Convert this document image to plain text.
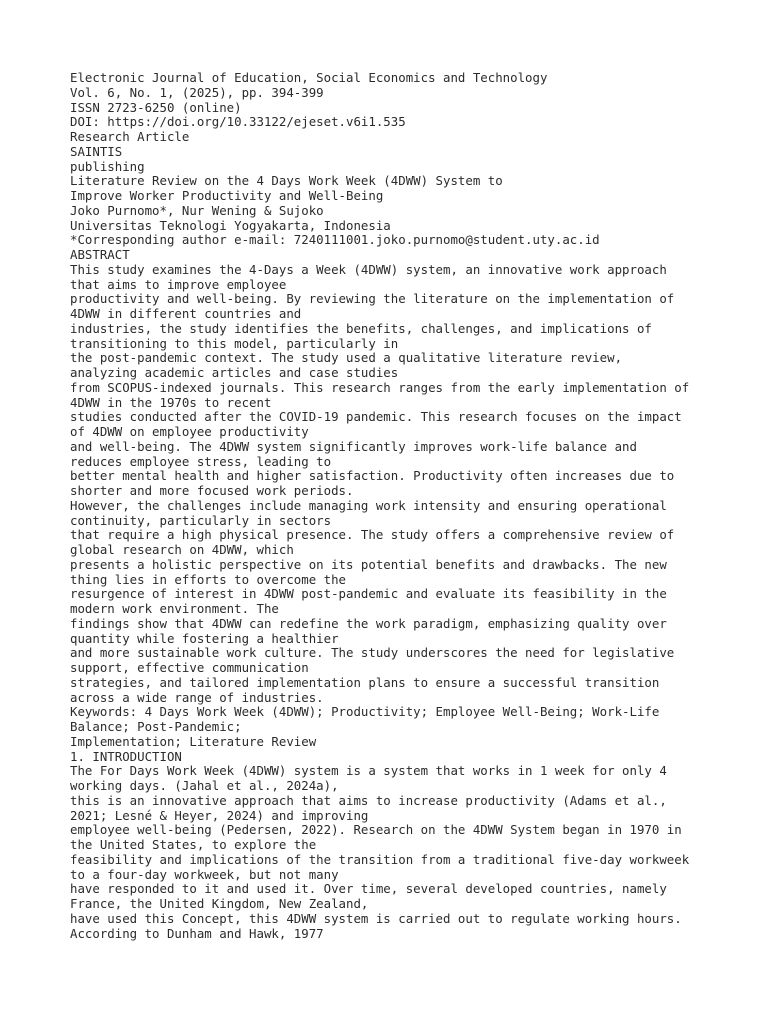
Electronic Journal of Education, Social Economics and Technology
Vol. 6, No. 1, (2025), pp. 394-399
ISSN 2723-6250 (online)
DOI: https://doi.org/10.33122/ejeset.v6i1.535
Research Article
SAINTIS
publishing
Literature Review on the 4 Days Work Week (4DWW) System to
Improve Worker Productivity and Well-Being
Joko Purnomo*, Nur Wening & Sujoko
Universitas Teknologi Yogyakarta, Indonesia
*Corresponding author e-mail: 7240111001.joko.purnomo@student.uty.ac.id
ABSTRACT
This study examines the 4-Days a Week (4DWW) system, an innovative work approach
that aims to improve employee
productivity and well-being. By reviewing the literature on the implementation of
4DWW in different countries and
industries, the study identifies the benefits, challenges, and implications of
transitioning to this model, particularly in
the post-pandemic context. The study used a qualitative literature review,
analyzing academic articles and case studies
from SCOPUS-indexed journals. This research ranges from the early implementation of
4DWW in the 1970s to recent
studies conducted after the COVID-19 pandemic. This research focuses on the impact
of 4DWW on employee productivity
and well-being. The 4DWW system significantly improves work-life balance and
reduces employee stress, leading to
better mental health and higher satisfaction. Productivity often increases due to
shorter and more focused work periods.
However, the challenges include managing work intensity and ensuring operational
continuity, particularly in sectors
that require a high physical presence. The study offers a comprehensive review of
global research on 4DWW, which
presents a holistic perspective on its potential benefits and drawbacks. The new
thing lies in efforts to overcome the
resurgence of interest in 4DWW post-pandemic and evaluate its feasibility in the
modern work environment. The
findings show that 4DWW can redefine the work paradigm, emphasizing quality over
quantity while fostering a healthier
and more sustainable work culture. The study underscores the need for legislative
support, effective communication
strategies, and tailored implementation plans to ensure a successful transition
across a wide range of industries.
Keywords: 4 Days Work Week (4DWW); Productivity; Employee Well-Being; Work-Life
Balance; Post-Pandemic;
Implementation; Literature Review
1. INTRODUCTION
The For Days Work Week (4DWW) system is a system that works in 1 week for only 4
working days. (Jahal et al., 2024a),
this is an innovative approach that aims to increase productivity (Adams et al.,
2021; Lesné & Heyer, 2024) and improving
employee well-being (Pedersen, 2022). Research on the 4DWW System began in 1970 in
the United States, to explore the
feasibility and implications of the transition from a traditional five-day workweek
to a four-day workweek, but not many
have responded to it and used it. Over time, several developed countries, namely
France, the United Kingdom, New Zealand,
have used this Concept, this 4DWW system is carried out to regulate working hours.
According to Dunham and Hawk, 1977
